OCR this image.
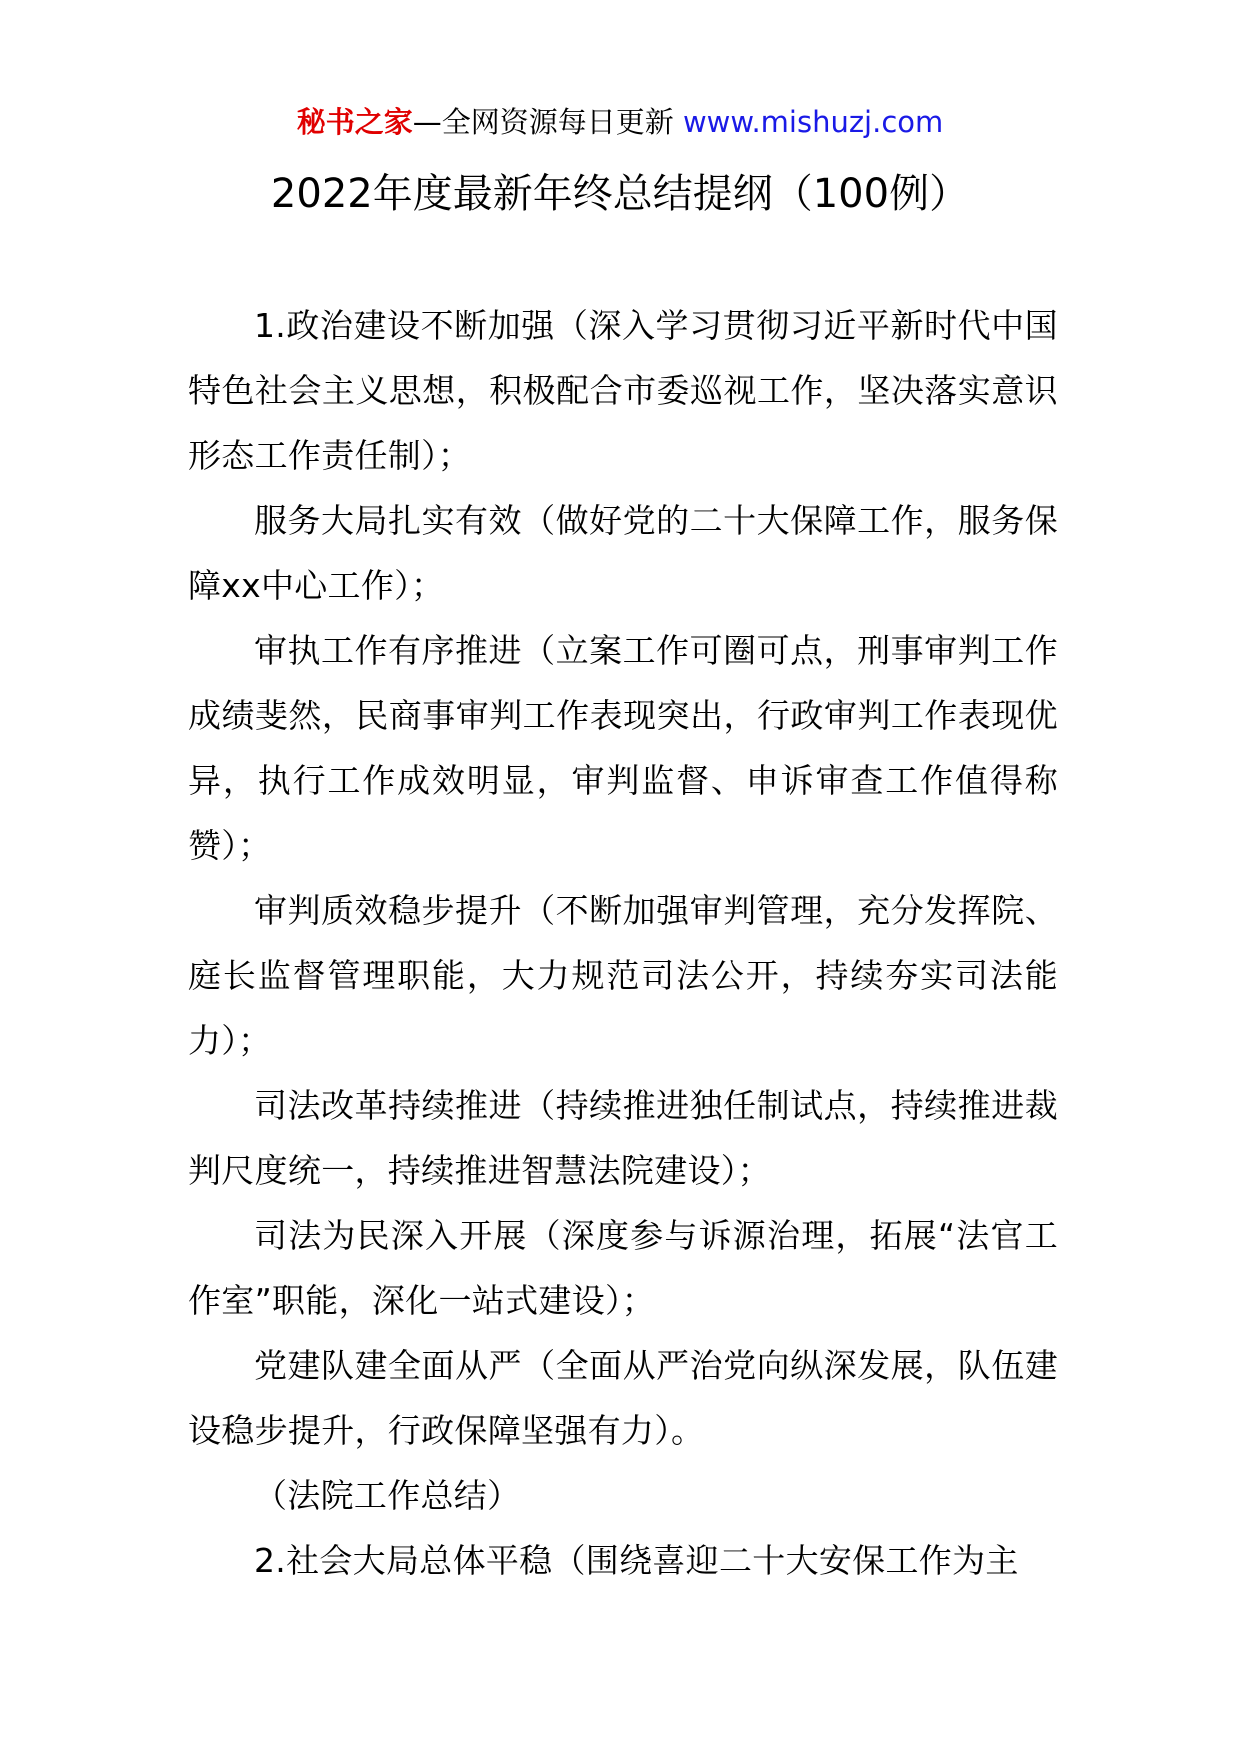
秘书之家—全网资源每日更新 www.mishuzj.com
2022年度最新年终总结提纲（100例）

1.政治建设不断加强（深入学习贯彻习近平新时代中国特色社会主义思想，积极配合市委巡视工作，坚决落实意识形态工作责任制）；

服务大局扎实有效（做好党的二十大保障工作，服务保障xx中心工作）；

审执工作有序推进（立案工作可圈可点，刑事审判工作成绩斐然，民商事审判工作表现突出，行政审判工作表现优异，执行工作成效明显，审判监督、申诉审查工作值得称赞）；

审判质效稳步提升（不断加强审判管理，充分发挥院、庭长监督管理职能，大力规范司法公开，持续夯实司法能力）；

司法改革持续推进（持续推进独任制试点，持续推进裁判尺度统一，持续推进智慧法院建设）；

司法为民深入开展（深度参与诉源治理，拓展“法官工作室”职能，深化一站式建设）；

党建队建全面从严（全面从严治党向纵深发展，队伍建设稳步提升，行政保障坚强有力）。

（法院工作总结）

2.社会大局总体平稳（围绕喜迎二十大安保工作为主
